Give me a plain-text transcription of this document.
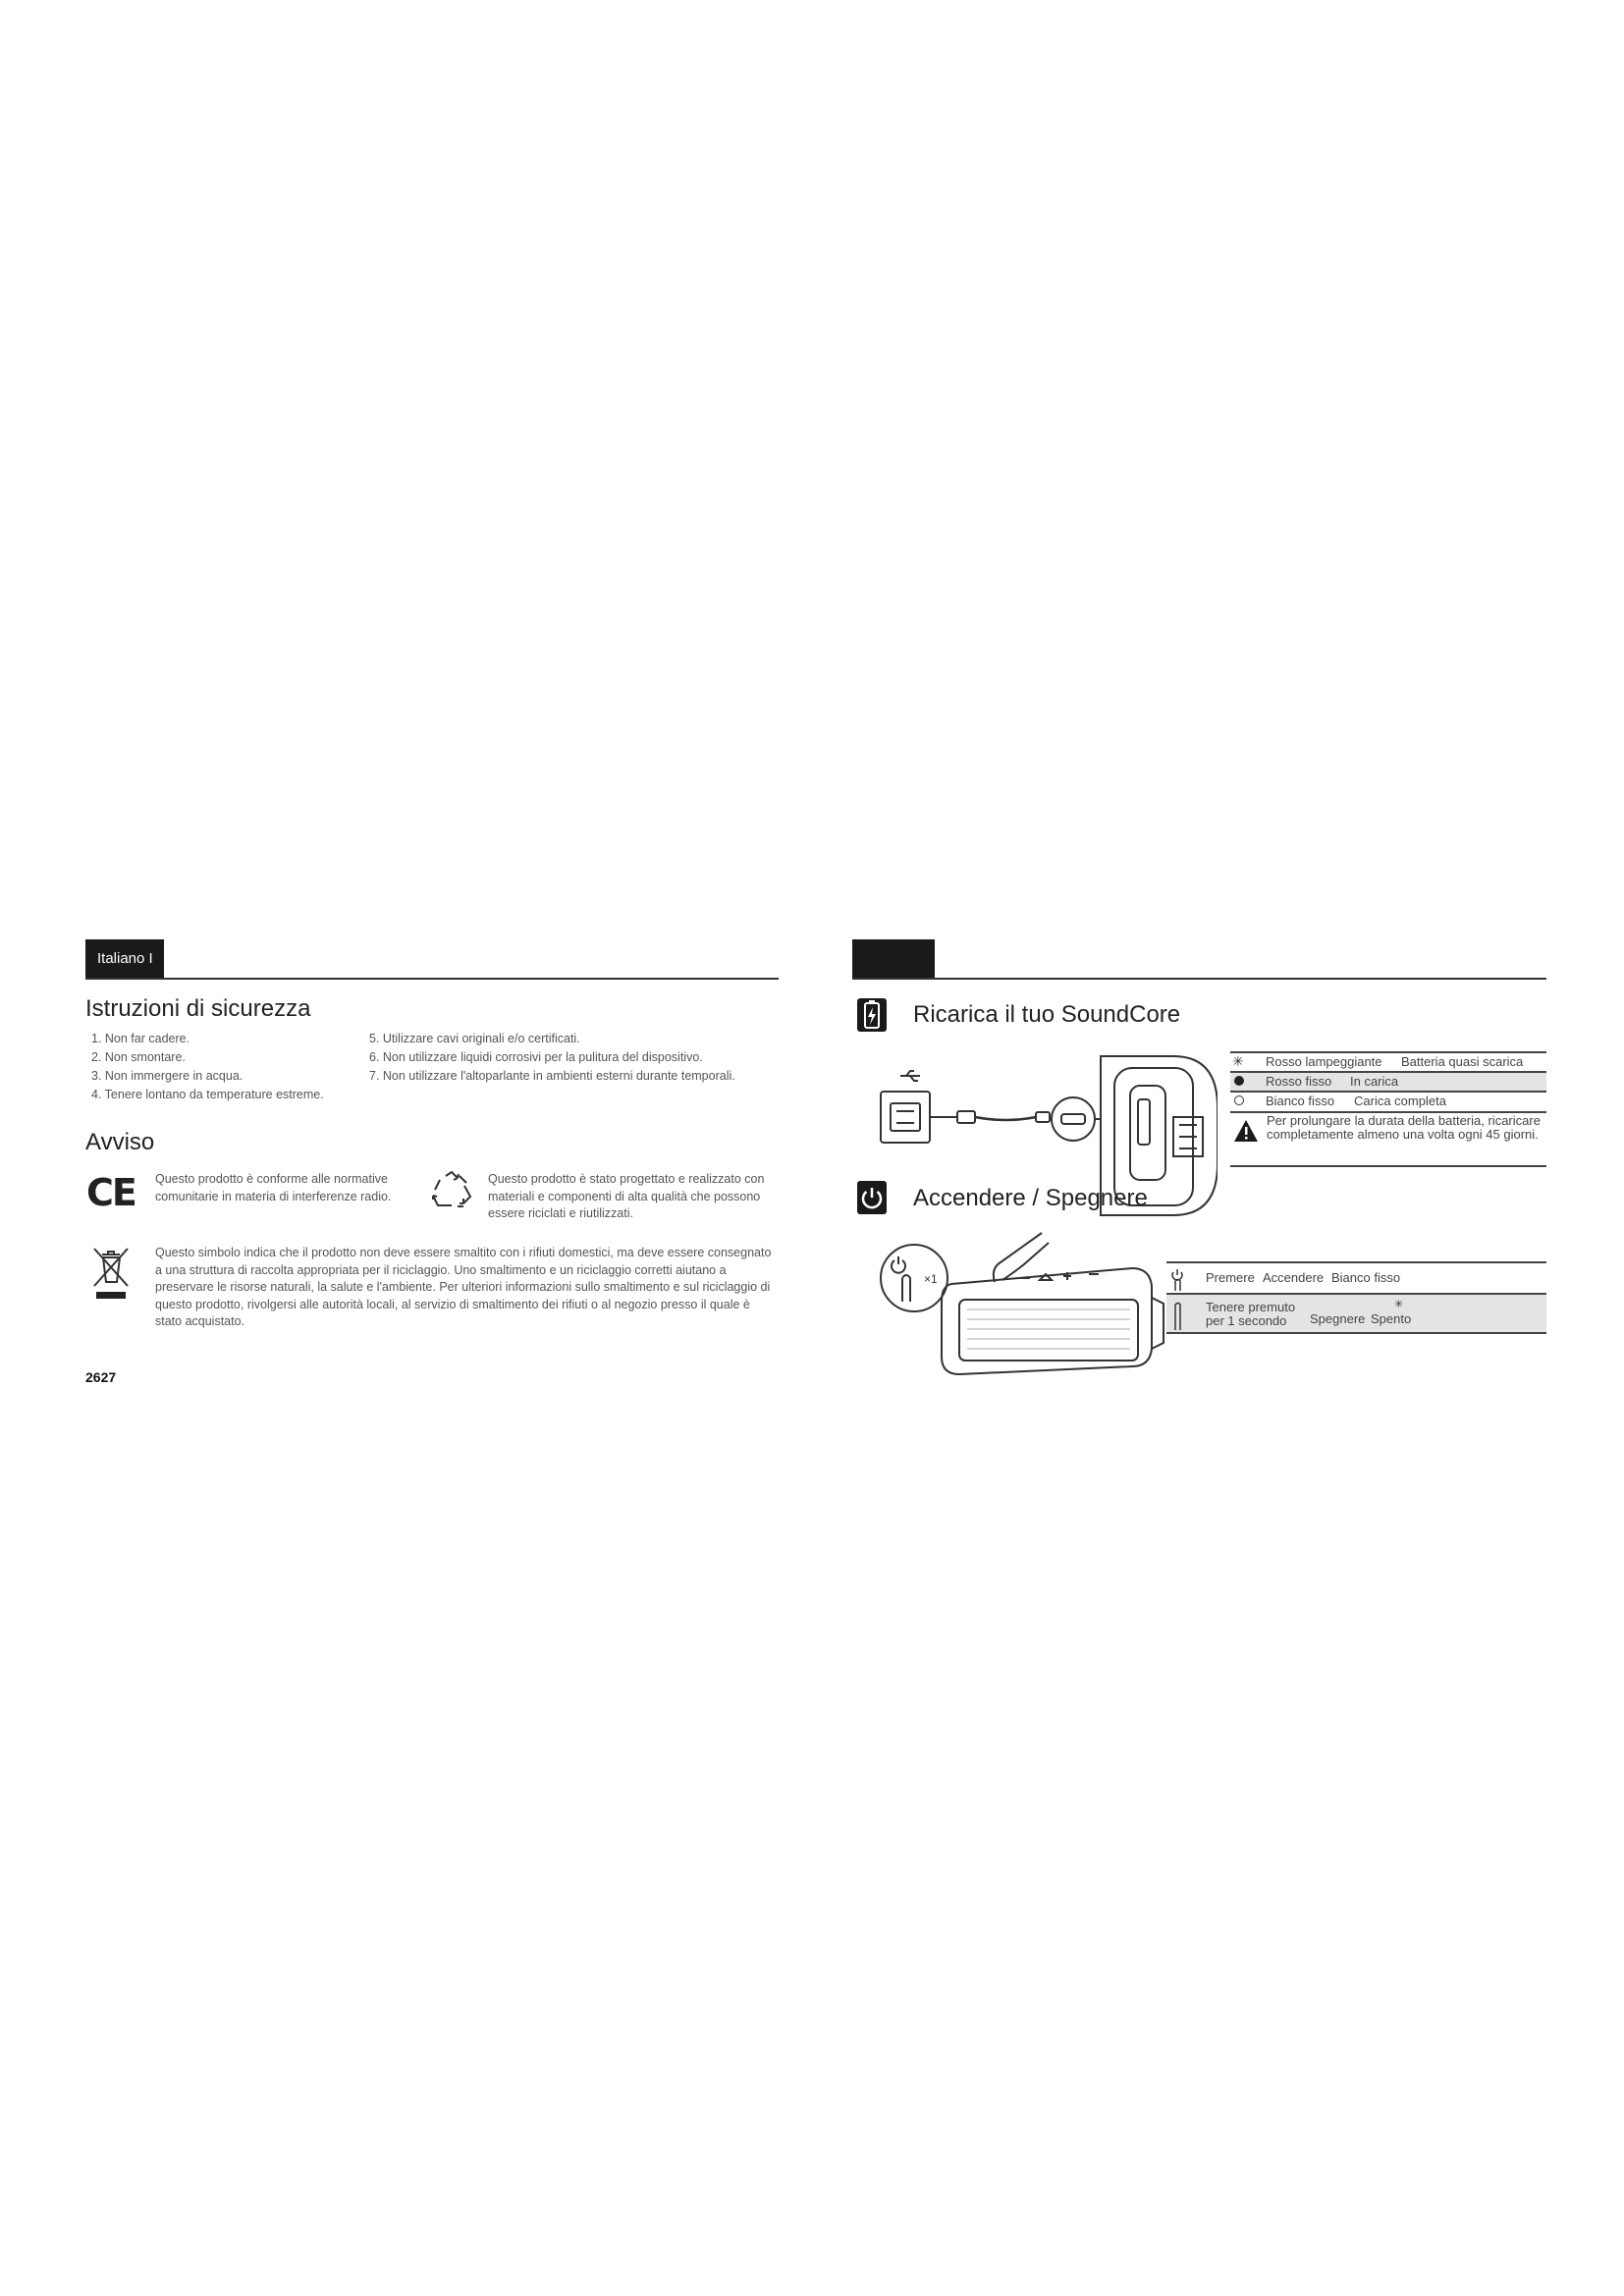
Italiano I
Istruzioni di sicurezza
1. Non far cadere.
2. Non smontare.
3. Non immergere in acqua.
4. Tenere lontano da temperature estreme.
5. Utilizzare cavi originali e/o certificati.
6. Non utilizzare liquidi corrosivi per la pulitura del dispositivo.
7. Non utilizzare l'altoparlante in ambienti esterni durante temporali.
Avviso
CE Questo prodotto è conforme alle normative comunitarie in materia di interferenze radio.
Questo prodotto è stato progettato e realizzato con materiali e componenti di alta qualità che possono essere riciclati e riutilizzati.
Questo simbolo indica che il prodotto non deve essere smaltito con i rifiuti domestici, ma deve essere consegnato a una struttura di raccolta appropriata per il riciclaggio. Uno smaltimento e un riciclaggio corretti aiutano a preservare le risorse naturali, la salute e l'ambiente. Per ulteriori informazioni sullo smaltimento e sul riciclaggio di questo prodotto, rivolgersi alle autorità locali, al servizio di smaltimento dei rifiuti o al negozio presso il quale è stato acquistato.
2627
Ricarica il tuo SoundCore
✳ Rosso lampeggiante Batteria quasi scarica
Rosso fisso In carica
Bianco fisso Carica completa
Per prolungare la durata della batteria, ricaricare completamente almeno una volta ogni 45 giorni.
Accendere / Spegnere
×1	Premere Accendere Bianco fisso
Tenere premuto per 1 secondo
✳
Spegnere Spento
